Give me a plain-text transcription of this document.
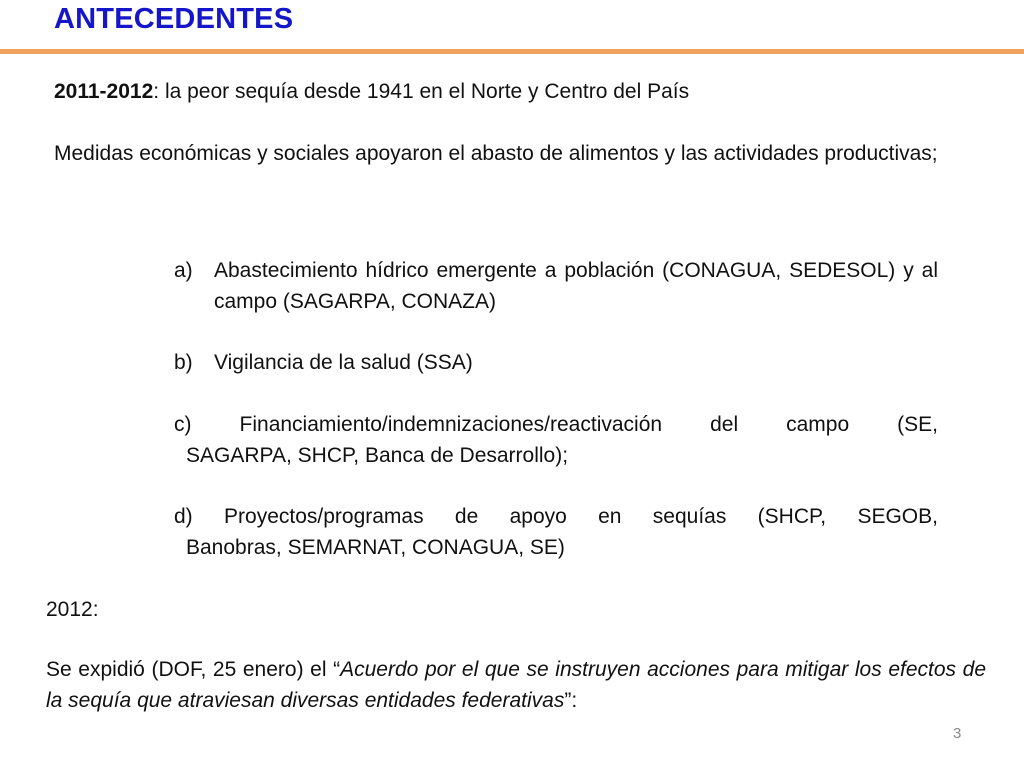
ANTECEDENTES
2011-2012: la peor sequía desde 1941 en el Norte y Centro del País
Medidas económicas y sociales apoyaron el abasto de alimentos y las actividades productivas;
a)	Abastecimiento hídrico emergente a población (CONAGUA, SEDESOL) y al campo (SAGARPA, CONAZA)
b)	Vigilancia de la salud (SSA)
c) Financiamiento/indemnizaciones/reactivación del campo (SE,
SAGARPA, SHCP, Banca de Desarrollo);
d) Proyectos/programas de apoyo en sequías (SHCP, SEGOB,
Banobras, SEMARNAT, CONAGUA, SE)
2012:
Se expidió (DOF, 25 enero) el “Acuerdo por el que se instruyen acciones para mitigar los efectos de la sequía que atraviesan diversas entidades federativas”:
3
